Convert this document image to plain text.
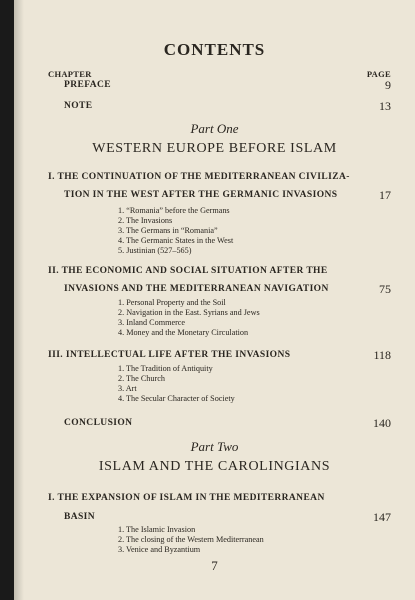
CONTENTS
CHAPTER	PAGE
PREFACE	9
NOTE	13
Part One
WESTERN EUROPE BEFORE ISLAM
I. THE CONTINUATION OF THE MEDITERRANEAN CIVILIZA-
TION IN THE WEST AFTER THE GERMANIC INVASIONS	17
1. “Romania” before the Germans
2. The Invasions
3. The Germans in “Romania”
4. The Germanic States in the West
5. Justinian (527–565)
II. THE ECONOMIC AND SOCIAL SITUATION AFTER THE
INVASIONS AND THE MEDITERRANEAN NAVIGATION	75
1. Personal Property and the Soil
2. Navigation in the East. Syrians and Jews
3. Inland Commerce
4. Money and the Monetary Circulation
III. INTELLECTUAL LIFE AFTER THE INVASIONS	118
1. The Tradition of Antiquity
2. The Church
3. Art
4. The Secular Character of Society
CONCLUSION	140
Part Two
ISLAM AND THE CAROLINGIANS
I. THE EXPANSION OF ISLAM IN THE MEDITERRANEAN
BASIN	147
1. The Islamic Invasion
2. The closing of the Western Mediterranean
3. Venice and Byzantium
7
